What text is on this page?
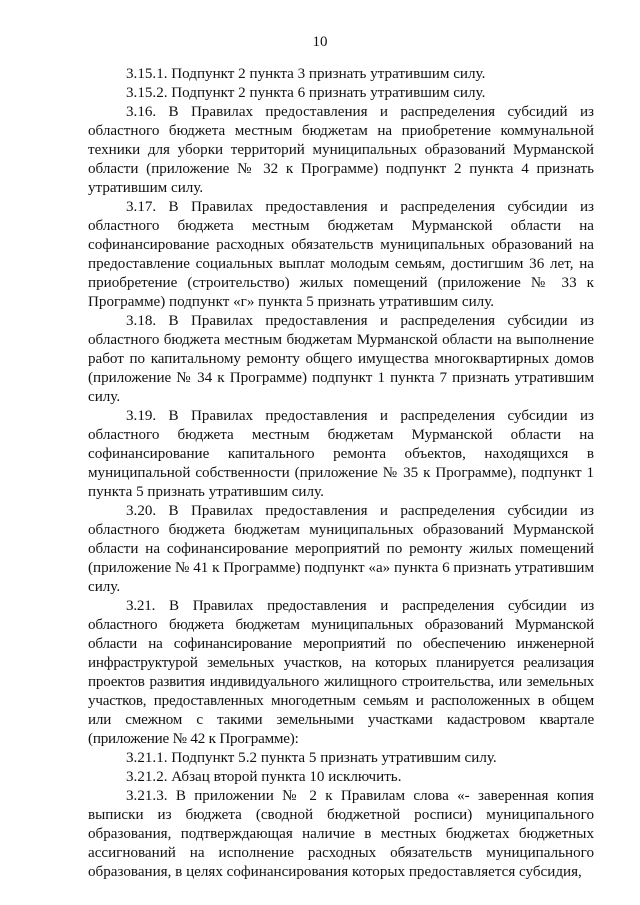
10

3.15.1. Подпункт 2 пункта 3 признать утратившим силу.

3.15.2. Подпункт 2 пункта 6 признать утратившим силу.

3.16. В Правилах предоставления и распределения субсидий из областного бюджета местным бюджетам на приобретение коммунальной техники для уборки территорий муниципальных образований Мурманской области (приложение № 32 к Программе) подпункт 2 пункта 4 признать утратившим силу.

3.17. В Правилах предоставления и распределения субсидии из областного бюджета местным бюджетам Мурманской области на софинансирование расходных обязательств муниципальных образований на предоставление социальных выплат молодым семьям, достигшим 36 лет, на приобретение (строительство) жилых помещений (приложение № 33 к Программе) подпункт «г» пункта 5 признать утратившим силу.

3.18. В Правилах предоставления и распределения субсидии из областного бюджета местным бюджетам Мурманской области на выполнение работ по капитальному ремонту общего имущества многоквартирных домов (приложение № 34 к Программе) подпункт 1 пункта 7 признать утратившим силу.

3.19. В Правилах предоставления и распределения субсидии из областного бюджета местным бюджетам Мурманской области на софинансирование капитального ремонта объектов, находящихся в муниципальной собственности (приложение № 35 к Программе), подпункт 1 пункта 5 признать утратившим силу.

3.20. В Правилах предоставления и распределения субсидии из областного бюджета бюджетам муниципальных образований Мурманской области на софинансирование мероприятий по ремонту жилых помещений (приложение № 41 к Программе) подпункт «а» пункта 6 признать утратившим силу.

3.21. В Правилах предоставления и распределения субсидии из областного бюджета бюджетам муниципальных образований Мурманской области на софинансирование мероприятий по обеспечению инженерной инфраструктурой земельных участков, на которых планируется реализация проектов развития индивидуального жилищного строительства, или земельных участков, предоставленных многодетным семьям и расположенных в общем или смежном с такими земельными участками кадастровом квартале (приложение № 42 к Программе):

3.21.1. Подпункт 5.2 пункта 5 признать утратившим силу.

3.21.2. Абзац второй пункта 10 исключить.

3.21.3. В приложении № 2 к Правилам слова «- заверенная копия выписки из бюджета (сводной бюджетной росписи) муниципального образования, подтверждающая наличие в местных бюджетах бюджетных ассигнований на исполнение расходных обязательств муниципального образования, в целях софинансирования которых предоставляется субсидия,
